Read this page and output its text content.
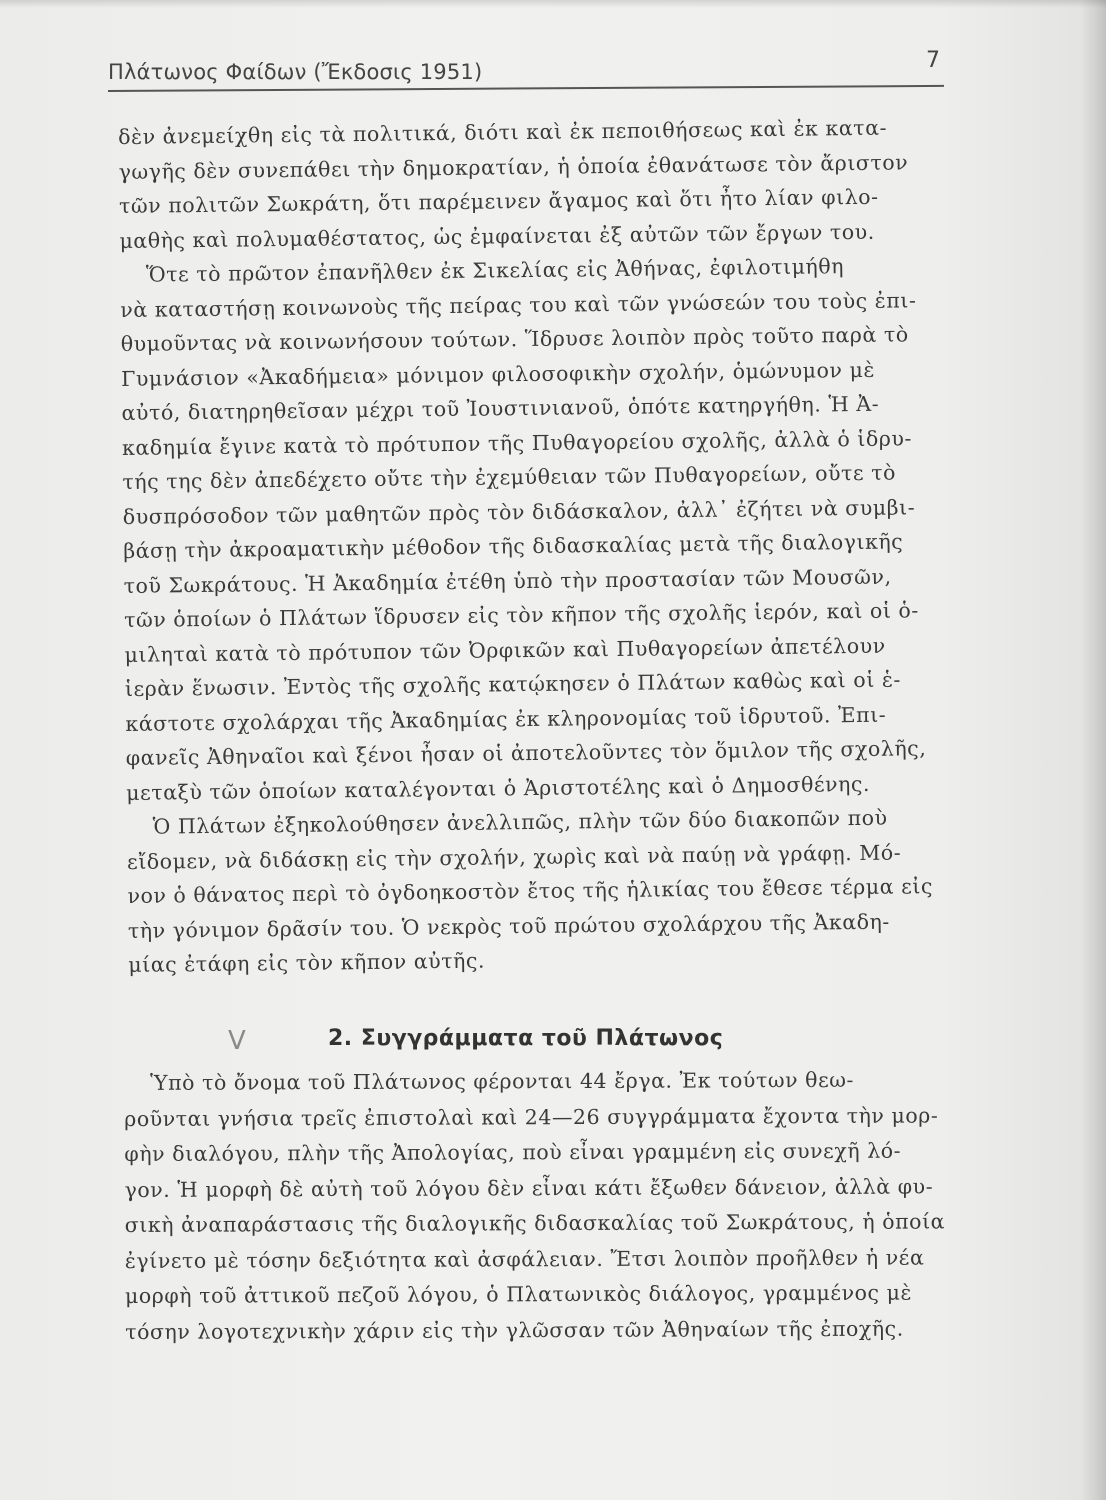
Πλάτωνος Φαίδων (Ἔκδοσις 1951)	7
δὲν ἀνεμείχθη εἰς τὰ πολιτικά, διότι καὶ ἐκ πεποιθήσεως καὶ ἐκ κατα-
γωγῆς δὲν συνεπάθει τὴν δημοκρατίαν, ἡ ὁποία ἐθανάτωσε τὸν ἄριστον
τῶν πολιτῶν Σωκράτη, ὅτι παρέμεινεν ἄγαμος καὶ ὅτι ἦτο λίαν φιλο-
μαθὴς καὶ πολυμαθέστατος, ὡς ἐμφαίνεται ἐξ αὐτῶν τῶν ἔργων του.
Ὅτε τὸ πρῶτον ἐπανῆλθεν ἐκ Σικελίας εἰς Ἀθήνας, ἐφιλοτιμήθη
νὰ καταστήσῃ κοινωνοὺς τῆς πείρας του καὶ τῶν γνώσεών του τοὺς ἐπι-
θυμοῦντας νὰ κοινωνήσουν τούτων. Ἵδρυσε λοιπὸν πρὸς τοῦτο παρὰ τὸ
Γυμνάσιον «Ἀκαδήμεια» μόνιμον φιλοσοφικὴν σχολήν, ὁμώνυμον μὲ
αὐτό, διατηρηθεῖσαν μέχρι τοῦ Ἰουστινιανοῦ, ὁπότε κατηργήθη. Ἡ Ἀ-
καδημία ἔγινε κατὰ τὸ πρότυπον τῆς Πυθαγορείου σχολῆς, ἀλλὰ ὁ ἱδρυ-
τής της δὲν ἀπεδέχετο οὔτε τὴν ἐχεμύθειαν τῶν Πυθαγορείων, οὔτε τὸ
δυσπρόσοδον τῶν μαθητῶν πρὸς τὸν διδάσκαλον, ἀλλ᾽ ἐζήτει νὰ συμβι-
βάσῃ τὴν ἀκροαματικὴν μέθοδον τῆς διδασκαλίας μετὰ τῆς διαλογικῆς
τοῦ Σωκράτους. Ἡ Ἀκαδημία ἐτέθη ὑπὸ τὴν προστασίαν τῶν Μουσῶν,
τῶν ὁποίων ὁ Πλάτων ἵδρυσεν εἰς τὸν κῆπον τῆς σχολῆς ἱερόν, καὶ οἱ ὁ-
μιληταὶ κατὰ τὸ πρότυπον τῶν Ὀρφικῶν καὶ Πυθαγορείων ἀπετέλουν
ἱερὰν ἕνωσιν. Ἐντὸς τῆς σχολῆς κατῴκησεν ὁ Πλάτων καθὼς καὶ οἱ ἑ-
κάστοτε σχολάρχαι τῆς Ἀκαδημίας ἐκ κληρονομίας τοῦ ἱδρυτοῦ. Ἐπι-
φανεῖς Ἀθηναῖοι καὶ ξένοι ἦσαν οἱ ἀποτελοῦντες τὸν ὅμιλον τῆς σχολῆς,
μεταξὺ τῶν ὁποίων καταλέγονται ὁ Ἀριστοτέλης καὶ ὁ Δημοσθένης.
Ὁ Πλάτων ἐξηκολούθησεν ἀνελλιπῶς, πλὴν τῶν δύο διακοπῶν ποὺ
εἴδομεν, νὰ διδάσκῃ εἰς τὴν σχολήν, χωρὶς καὶ νὰ παύῃ νὰ γράφῃ. Μό-
νον ὁ θάνατος περὶ τὸ ὀγδοηκοστὸν ἔτος τῆς ἡλικίας του ἔθεσε τέρμα εἰς
τὴν γόνιμον δρᾶσίν του. Ὁ νεκρὸς τοῦ πρώτου σχολάρχου τῆς Ἀκαδη-
μίας ἐτάφη εἰς τὸν κῆπον αὐτῆς.
V	2. Συγγράμματα τοῦ Πλάτωνος
Ὑπὸ τὸ ὄνομα τοῦ Πλάτωνος φέρονται 44 ἔργα. Ἐκ τούτων θεω-
ροῦνται γνήσια τρεῖς ἐπιστολαὶ καὶ 24—26 συγγράμματα ἔχοντα τὴν μορ-
φὴν διαλόγου, πλὴν τῆς Ἀπολογίας, ποὺ εἶναι γραμμένη εἰς συνεχῆ λό-
γον. Ἡ μορφὴ δὲ αὐτὴ τοῦ λόγου δὲν εἶναι κάτι ἔξωθεν δάνειον, ἀλλὰ φυ-
σικὴ ἀναπαράστασις τῆς διαλογικῆς διδασκαλίας τοῦ Σωκράτους, ἡ ὁποία
ἐγίνετο μὲ τόσην δεξιότητα καὶ ἀσφάλειαν. Ἔτσι λοιπὸν προῆλθεν ἡ νέα
μορφὴ τοῦ ἀττικοῦ πεζοῦ λόγου, ὁ Πλατωνικὸς διάλογος, γραμμένος μὲ
τόσην λογοτεχνικὴν χάριν εἰς τὴν γλῶσσαν τῶν Ἀθηναίων τῆς ἐποχῆς.
